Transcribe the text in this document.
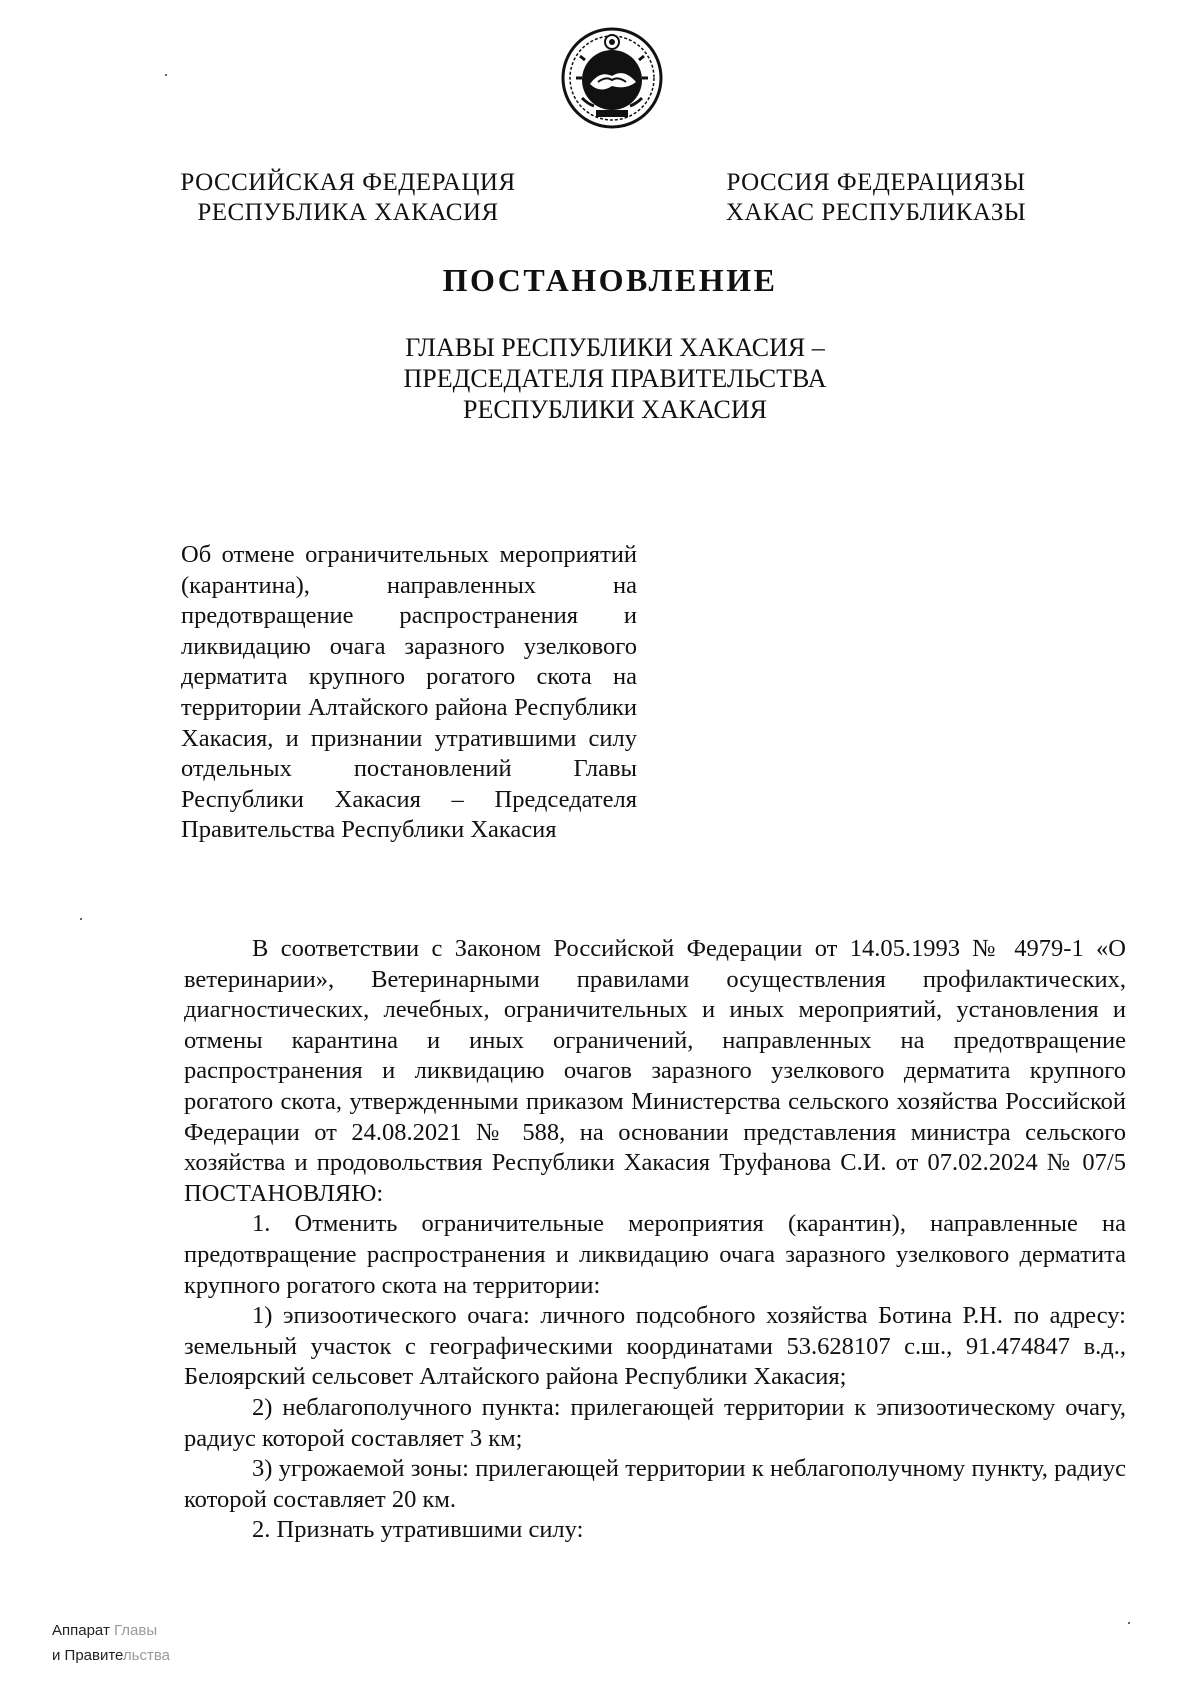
РОССИЙСКАЯ ФЕДЕРАЦИЯ
РЕСПУБЛИКА ХАКАСИЯ
РОССИЯ ФЕДЕРАЦИЯЗЫ
ХАКАС РЕСПУБЛИКАЗЫ
ПОСТАНОВЛЕНИЕ
ГЛАВЫ РЕСПУБЛИКИ ХАКАСИЯ –
ПРЕДСЕДАТЕЛЯ ПРАВИТЕЛЬСТВА
РЕСПУБЛИКИ ХАКАСИЯ
Об отмене ограничительных мероприятий (карантина), направленных на предотвращение распространения и ликвидацию очага заразного узелкового дерматита крупного рогатого скота на территории Алтайского района Республики Хакасия, и признании утратившими силу отдельных постановлений Главы Республики Хакасия – Председателя Правительства Республики Хакасия

В соответствии с Законом Российской Федерации от 14.05.1993 № 4979-1 «О ветеринарии», Ветеринарными правилами осуществления профилактических, диагностических, лечебных, ограничительных и иных мероприятий, установления и отмены карантина и иных ограничений, направленных на предотвращение распространения и ликвидацию очагов заразного узелкового дерматита крупного рогатого скота, утвержденными приказом Министерства сельского хозяйства Российской Федерации от 24.08.2021 № 588, на основании представления министра сельского хозяйства и продовольствия Республики Хакасия Труфанова С.И. от 07.02.2024 № 07/5 ПОСТАНОВЛЯЮ:

1. Отменить ограничительные мероприятия (карантин), направленные на предотвращение распространения и ликвидацию очага заразного узелкового дерматита крупного рогатого скота на территории:

1) эпизоотического очага: личного подсобного хозяйства Ботина Р.Н. по адресу: земельный участок с географическими координатами 53.628107 с.ш., 91.474847 в.д., Белоярский сельсовет Алтайского района Республики Хакасия;

2) неблагополучного пункта: прилегающей территории к эпизоотическому очагу, радиус которой составляет 3 км;

3) угрожаемой зоны: прилегающей территории к неблагополучному пункту, радиус которой составляет 20 км.

2. Признать утратившими силу:

Аппарат Главы
и Правительства
